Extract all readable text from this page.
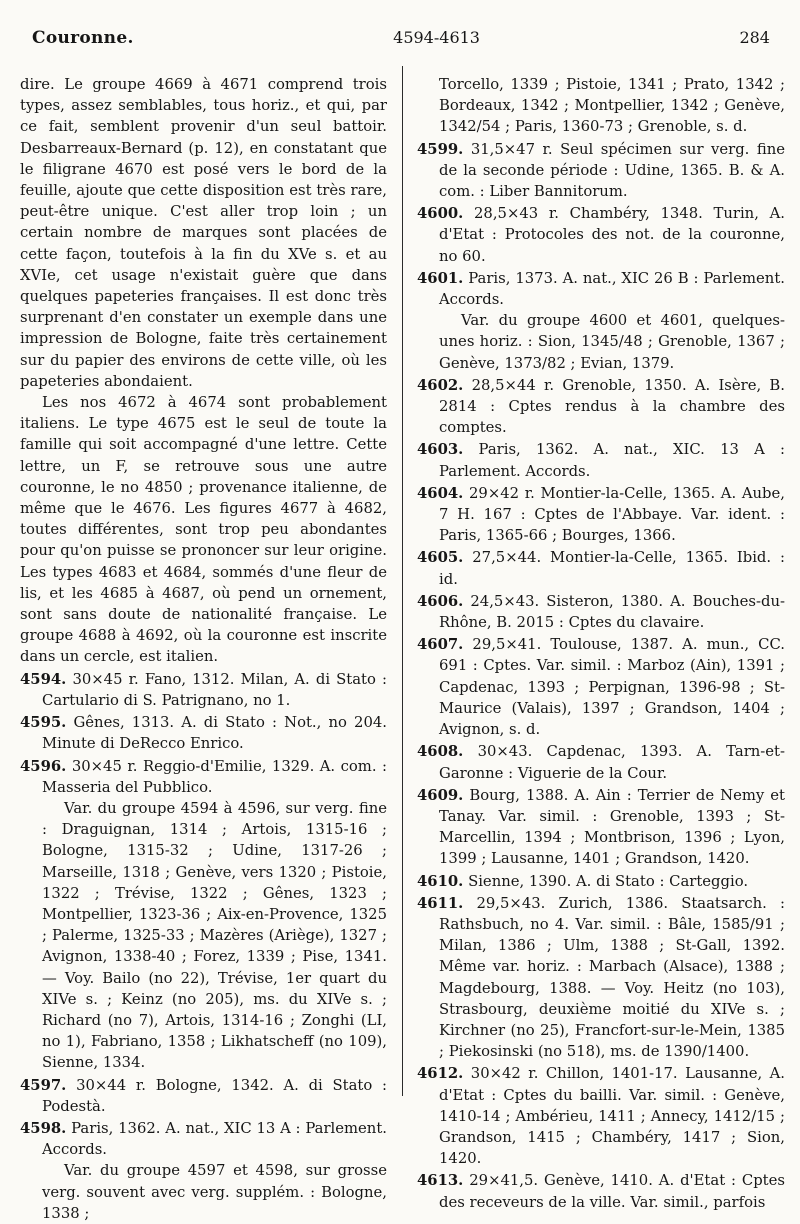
Couronne.	4594-4613	284

dire. Le groupe 4669 à 4671 comprend trois types, assez semblables, tous horiz., et qui, par ce fait, semblent provenir d'un seul battoir. Desbarreaux-Bernard (p. 12), en constatant que le filigrane 4670 est posé vers le bord de la feuille, ajoute que cette disposition est très rare, peut-être unique. C'est aller trop loin ; un certain nombre de marques sont placées de cette façon, toutefois à la fin du XVe s. et au XVIe, cet usage n'existait guère que dans quelques papeteries françaises. Il est donc très surprenant d'en constater un exemple dans une impression de Bologne, faite très certainement sur du papier des environs de cette ville, où les papeteries abondaient.

Les nos 4672 à 4674 sont probablement italiens. Le type 4675 est le seul de toute la famille qui soit accompagné d'une lettre. Cette lettre, un F, se retrouve sous une autre couronne, le no 4850 ; provenance italienne, de même que le 4676. Les figures 4677 à 4682, toutes différentes, sont trop peu abondantes pour qu'on puisse se prononcer sur leur origine. Les types 4683 et 4684, sommés d'une fleur de lis, et les 4685 à 4687, où pend un ornement, sont sans doute de nationalité française. Le groupe 4688 à 4692, où la couronne est inscrite dans un cercle, est italien.

4594. 30×45 r. Fano, 1312. Milan, A. di Stato : Cartulario di S. Patrignano, no 1.

4595. Gênes, 1313. A. di Stato : Not., no 204. Minute di DeRecco Enrico.

4596. 30×45 r. Reggio-d'Emilie, 1329. A. com. : Masseria del Pubblico.

Var. du groupe 4594 à 4596, sur verg. fine : Draguignan, 1314 ; Artois, 1315-16 ; Bologne, 1315-32 ; Udine, 1317-26 ; Marseille, 1318 ; Genève, vers 1320 ; Pistoie, 1322 ; Trévise, 1322 ; Gênes, 1323 ; Montpellier, 1323-36 ; Aix-en-Provence, 1325 ; Palerme, 1325-33 ; Mazères (Ariège), 1327 ; Avignon, 1338-40 ; Forez, 1339 ; Pise, 1341. — Voy. Bailo (no 22), Trévise, 1er quart du XIVe s. ; Keinz (no 205), ms. du XIVe s. ; Richard (no 7), Artois, 1314-16 ; Zonghi (LI, no 1), Fabriano, 1358 ; Likhatscheff (no 109), Sienne, 1334.

4597. 30×44 r. Bologne, 1342. A. di Stato : Podestà.

4598. Paris, 1362. A. nat., XIC 13 A : Parlement. Accords.

Var. du groupe 4597 et 4598, sur grosse verg. souvent avec verg. supplém. : Bologne, 1338 ;

Torcello, 1339 ; Pistoie, 1341 ; Prato, 1342 ; Bordeaux, 1342 ; Montpellier, 1342 ; Genève, 1342/54 ; Paris, 1360-73 ; Grenoble, s. d.

4599. 31,5×47 r. Seul spécimen sur verg. fine de la seconde période : Udine, 1365. B. & A. com. : Liber Bannitorum.

4600. 28,5×43 r. Chambéry, 1348. Turin, A. d'Etat : Protocoles des not. de la couronne, no 60.

4601. Paris, 1373. A. nat., XIC 26 B : Parlement. Accords.

Var. du groupe 4600 et 4601, quelques-unes horiz. : Sion, 1345/48 ; Grenoble, 1367 ; Genève, 1373/82 ; Evian, 1379.

4602. 28,5×44 r. Grenoble, 1350. A. Isère, B. 2814 : Cptes rendus à la chambre des comptes.

4603. Paris, 1362. A. nat., XIC. 13 A : Parlement. Accords.

4604. 29×42 r. Montier-la-Celle, 1365. A. Aube, 7 H. 167 : Cptes de l'Abbaye. Var. ident. : Paris, 1365-66 ; Bourges, 1366.

4605. 27,5×44. Montier-la-Celle, 1365. Ibid. : id.

4606. 24,5×43. Sisteron, 1380. A. Bouches-du-Rhône, B. 2015 : Cptes du clavaire.

4607. 29,5×41. Toulouse, 1387. A. mun., CC. 691 : Cptes. Var. simil. : Marboz (Ain), 1391 ; Capdenac, 1393 ; Perpignan, 1396-98 ; St-Maurice (Valais), 1397 ; Grandson, 1404 ; Avignon, s. d.

4608. 30×43. Capdenac, 1393. A. Tarn-et-Garonne : Viguerie de la Cour.

4609. Bourg, 1388. A. Ain : Terrier de Nemy et Tanay. Var. simil. : Grenoble, 1393 ; St-Marcellin, 1394 ; Montbrison, 1396 ; Lyon, 1399 ; Lausanne, 1401 ; Grandson, 1420.

4610. Sienne, 1390. A. di Stato : Carteggio.

4611. 29,5×43. Zurich, 1386. Staatsarch. : Rathsbuch, no 4. Var. simil. : Bâle, 1585/91 ; Milan, 1386 ; Ulm, 1388 ; St-Gall, 1392. Même var. horiz. : Marbach (Alsace), 1388 ; Magdebourg, 1388. — Voy. Heitz (no 103), Strasbourg, deuxième moitié du XIVe s. ; Kirchner (no 25), Francfort-sur-le-Mein, 1385 ; Piekosinski (no 518), ms. de 1390/1400.

4612. 30×42 r. Chillon, 1401-17. Lausanne, A. d'Etat : Cptes du bailli. Var. simil. : Genève, 1410-14 ; Ambérieu, 1411 ; Annecy, 1412/15 ; Grandson, 1415 ; Chambéry, 1417 ; Sion, 1420.

4613. 29×41,5. Genève, 1410. A. d'Etat : Cptes des receveurs de la ville. Var. simil., parfois
